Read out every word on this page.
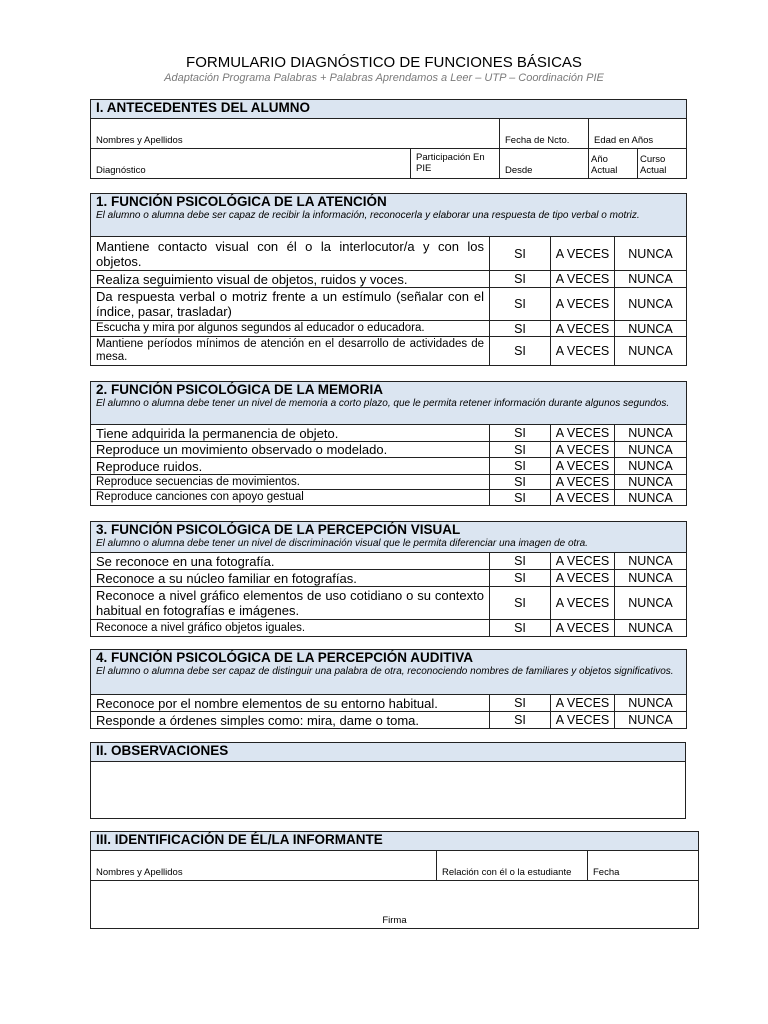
FORMULARIO DIAGNÓSTICO DE FUNCIONES BÁSICAS
Adaptación Programa Palabras + Palabras Aprendamos a Leer – UTP – Coordinación PIE
I. ANTECEDENTES DEL ALUMNO				
Nombres y Apellidos		Fecha de Ncto.	Edad en Años	
Diagnóstico	Participación En PIE	Desde	Año Actual	Curso Actual
1. FUNCIÓN PSICOLÓGICA DE LA ATENCIÓN
El alumno o alumna debe ser capaz de recibir la información, reconocerla y elaborar una respuesta de tipo verbal o motriz.			

Mantiene contacto visual con él o la interlocutor/a y con los objetos.	SI	A VECES	NUNCA
Realiza seguimiento visual de objetos, ruidos y voces.	SI	A VECES	NUNCA
Da respuesta verbal o motriz frente a un estímulo (señalar con el índice, pasar, trasladar)	SI	A VECES	NUNCA
Escucha y mira por algunos segundos al educador o educadora.	SI	A VECES	NUNCA
Mantiene períodos mínimos de atención en el desarrollo de actividades de mesa.	SI	A VECES	NUNCA
2. FUNCIÓN PSICOLÓGICA DE LA MEMORIA
El alumno o alumna debe tener un nivel de memoria a corto plazo, que le permita retener información durante algunos segundos.			

Tiene adquirida la permanencia de objeto.	SI	A VECES	NUNCA
Reproduce un movimiento observado o modelado.	SI	A VECES	NUNCA
Reproduce ruidos.	SI	A VECES	NUNCA
Reproduce secuencias de movimientos.	SI	A VECES	NUNCA
Reproduce canciones con apoyo gestual	SI	A VECES	NUNCA
3. FUNCIÓN PSICOLÓGICA DE LA PERCEPCIÓN VISUAL
El alumno o alumna debe tener un nivel de discriminación visual que le permita diferenciar una imagen de otra.			

Se reconoce en una fotografía.	SI	A VECES	NUNCA
Reconoce a su núcleo familiar en fotografías.	SI	A VECES	NUNCA
Reconoce a nivel gráfico elementos de uso cotidiano o su contexto habitual en fotografías e imágenes.	SI	A VECES	NUNCA
Reconoce a nivel gráfico objetos iguales.	SI	A VECES	NUNCA
4. FUNCIÓN PSICOLÓGICA DE LA PERCEPCIÓN AUDITIVA
El alumno o alumna debe ser capaz de distinguir una palabra de otra, reconociendo nombres de familiares y objetos significativos.			

Reconoce por el nombre elementos de su entorno habitual.	SI	A VECES	NUNCA
Responde a órdenes simples como: mira, dame o toma.	SI	A VECES	NUNCA
II. OBSERVACIONES

III. IDENTIFICACIÓN DE ÉL/LA INFORMANTE
Nombres y Apellidos	Relación con él o la estudiante	Fecha
Firma
